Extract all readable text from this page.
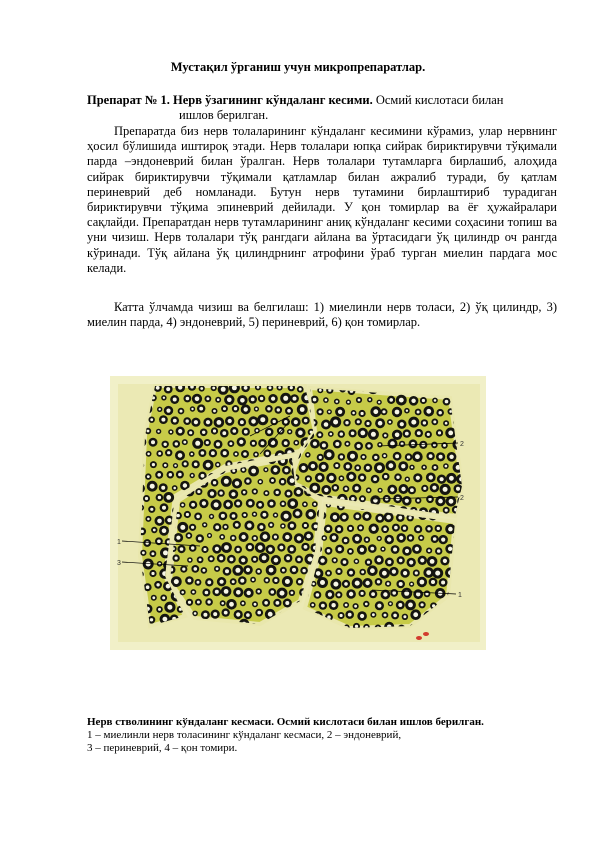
Мустақил ўрганиш учун микропрепаратлар.
Препарат № 1. Нерв ўзагининг кўндаланг кесими. Осмий кислотаси билан
ишлов берилган.
Препаратда биз нерв толаларининг кўндаланг кесимини кўрамиз, улар нервнинг ҳосил бўлишида иштироқ этади. Нерв толалари юпқа сийрак бириктирувчи тўқимали парда –эндоневрий билан ўралган. Нерв толалари тутамларга бирлашиб, алоҳида сийрак бириктирувчи тўқимали қатламлар билан ажралиб туради, бу қатлам периневрий деб номланади. Бутун нерв тутамини бирлаштириб турадиган бириктирувчи тўқима эпиневрий дейилади. У қон томирлар ва ёғ ҳужайралари сақлайди. Препаратдан нерв тутамларининг аниқ кўндаланг кесими соҳасини топиш ва уни чизиш. Нерв толалари тўқ рангдаги айлана ва ўртасидаги ўқ цилиндр оч рангда кўринади. Тўқ айлана ўқ цилиндрнинг атрофини ўраб турган миелин пардага мос келади.
Катта ўлчамда чизиш ва белгилаш: 1) миелинли нерв толаси, 2) ўқ цилиндр, 3) миелин парда, 4) эндоневрий, 5) периневрий, 6) қон томирлар.
2
2
1
1
3
Нерв стволининг кўндаланг кесмаси. Осмий кислотаси билан ишлов берилган.
1 – миелинли нерв толасининг кўндаланг кесмаси, 2 – эндоневрий,
3 – периневрий, 4 – қон томири.
